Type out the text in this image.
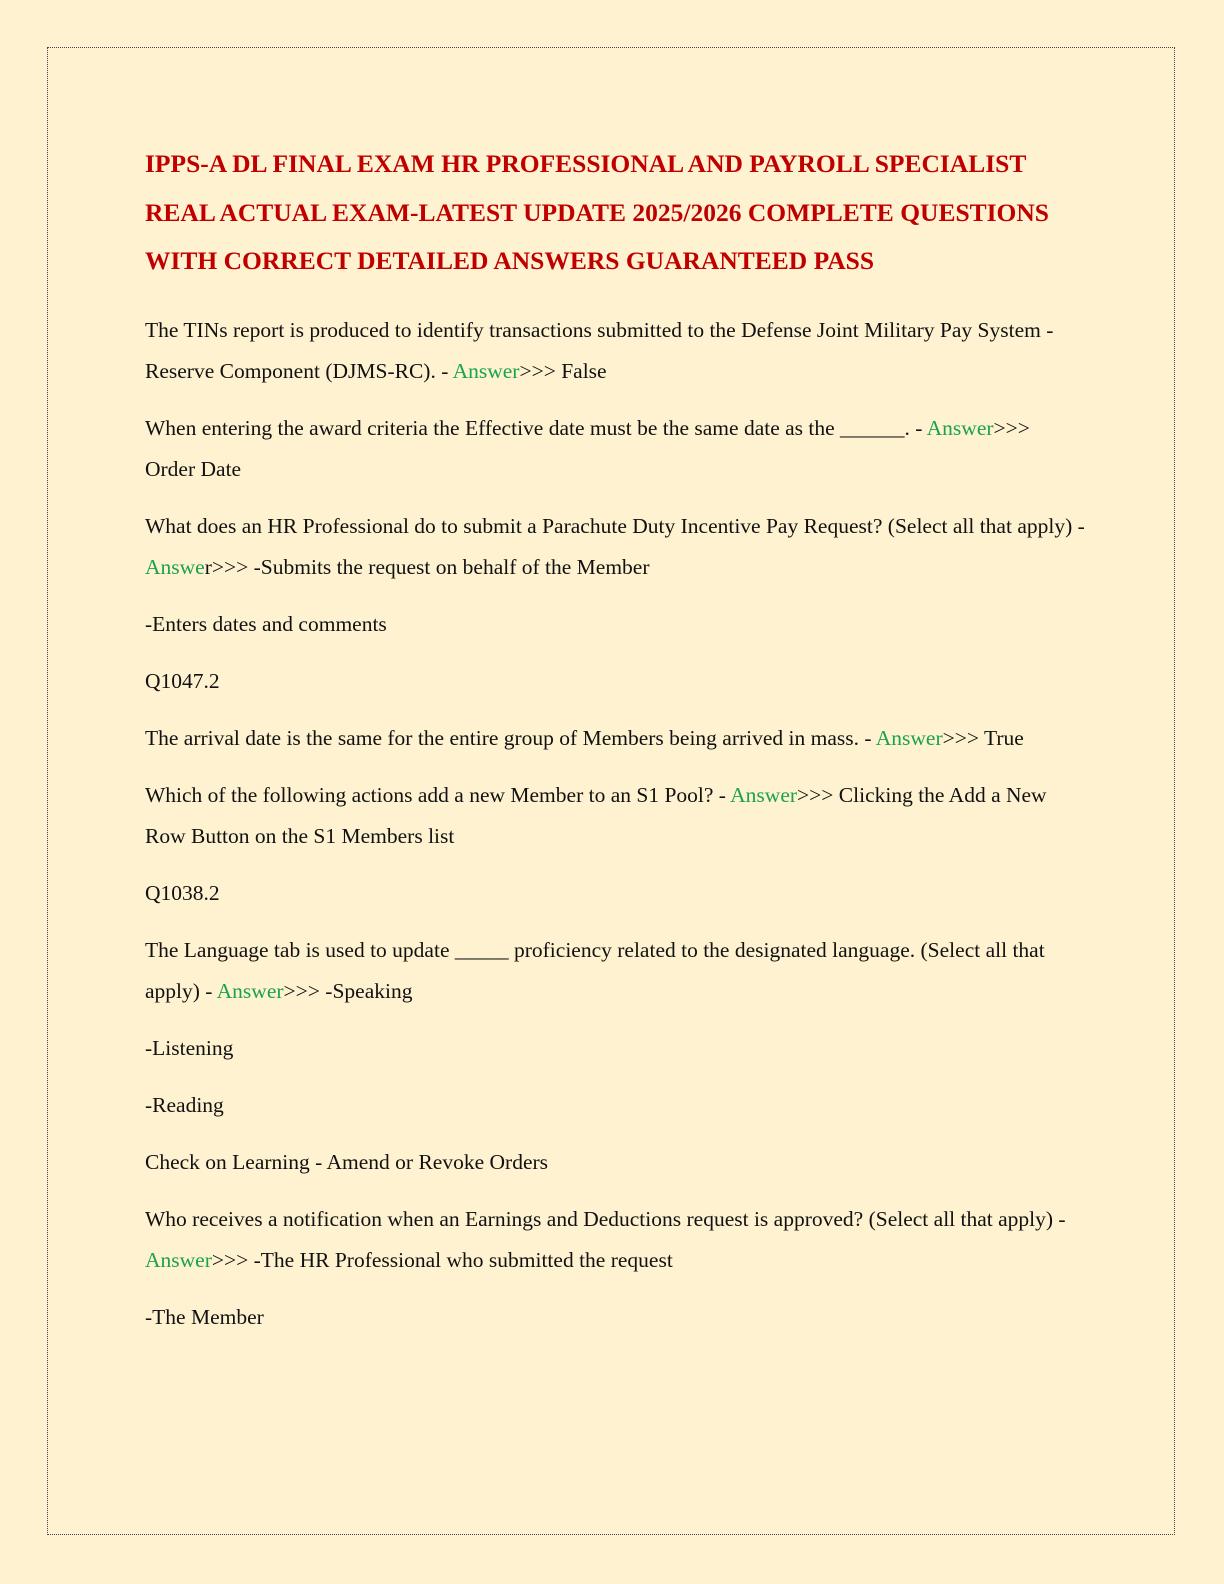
IPPS-A DL FINAL EXAM HR PROFESSIONAL AND PAYROLL SPECIALIST REAL ACTUAL EXAM-LATEST UPDATE 2025/2026 COMPLETE QUESTIONS WITH CORRECT DETAILED ANSWERS GUARANTEED PASS

The TINs report is produced to identify transactions submitted to the Defense Joint Military Pay System - Reserve Component (DJMS-RC). - Answer>>> False

When entering the award criteria the Effective date must be the same date as the ______. - Answer>>> Order Date

What does an HR Professional do to submit a Parachute Duty Incentive Pay Request? (Select all that apply) - Answer>>> -Submits the request on behalf of the Member

-Enters dates and comments

Q1047.2

The arrival date is the same for the entire group of Members being arrived in mass. - Answer>>> True

Which of the following actions add a new Member to an S1 Pool? - Answer>>> Clicking the Add a New Row Button on the S1 Members list

Q1038.2

The Language tab is used to update _____ proficiency related to the designated language. (Select all that apply) - Answer>>> -Speaking

-Listening

-Reading

Check on Learning - Amend or Revoke Orders

Who receives a notification when an Earnings and Deductions request is approved? (Select all that apply) - Answer>>> -The HR Professional who submitted the request

-The Member
